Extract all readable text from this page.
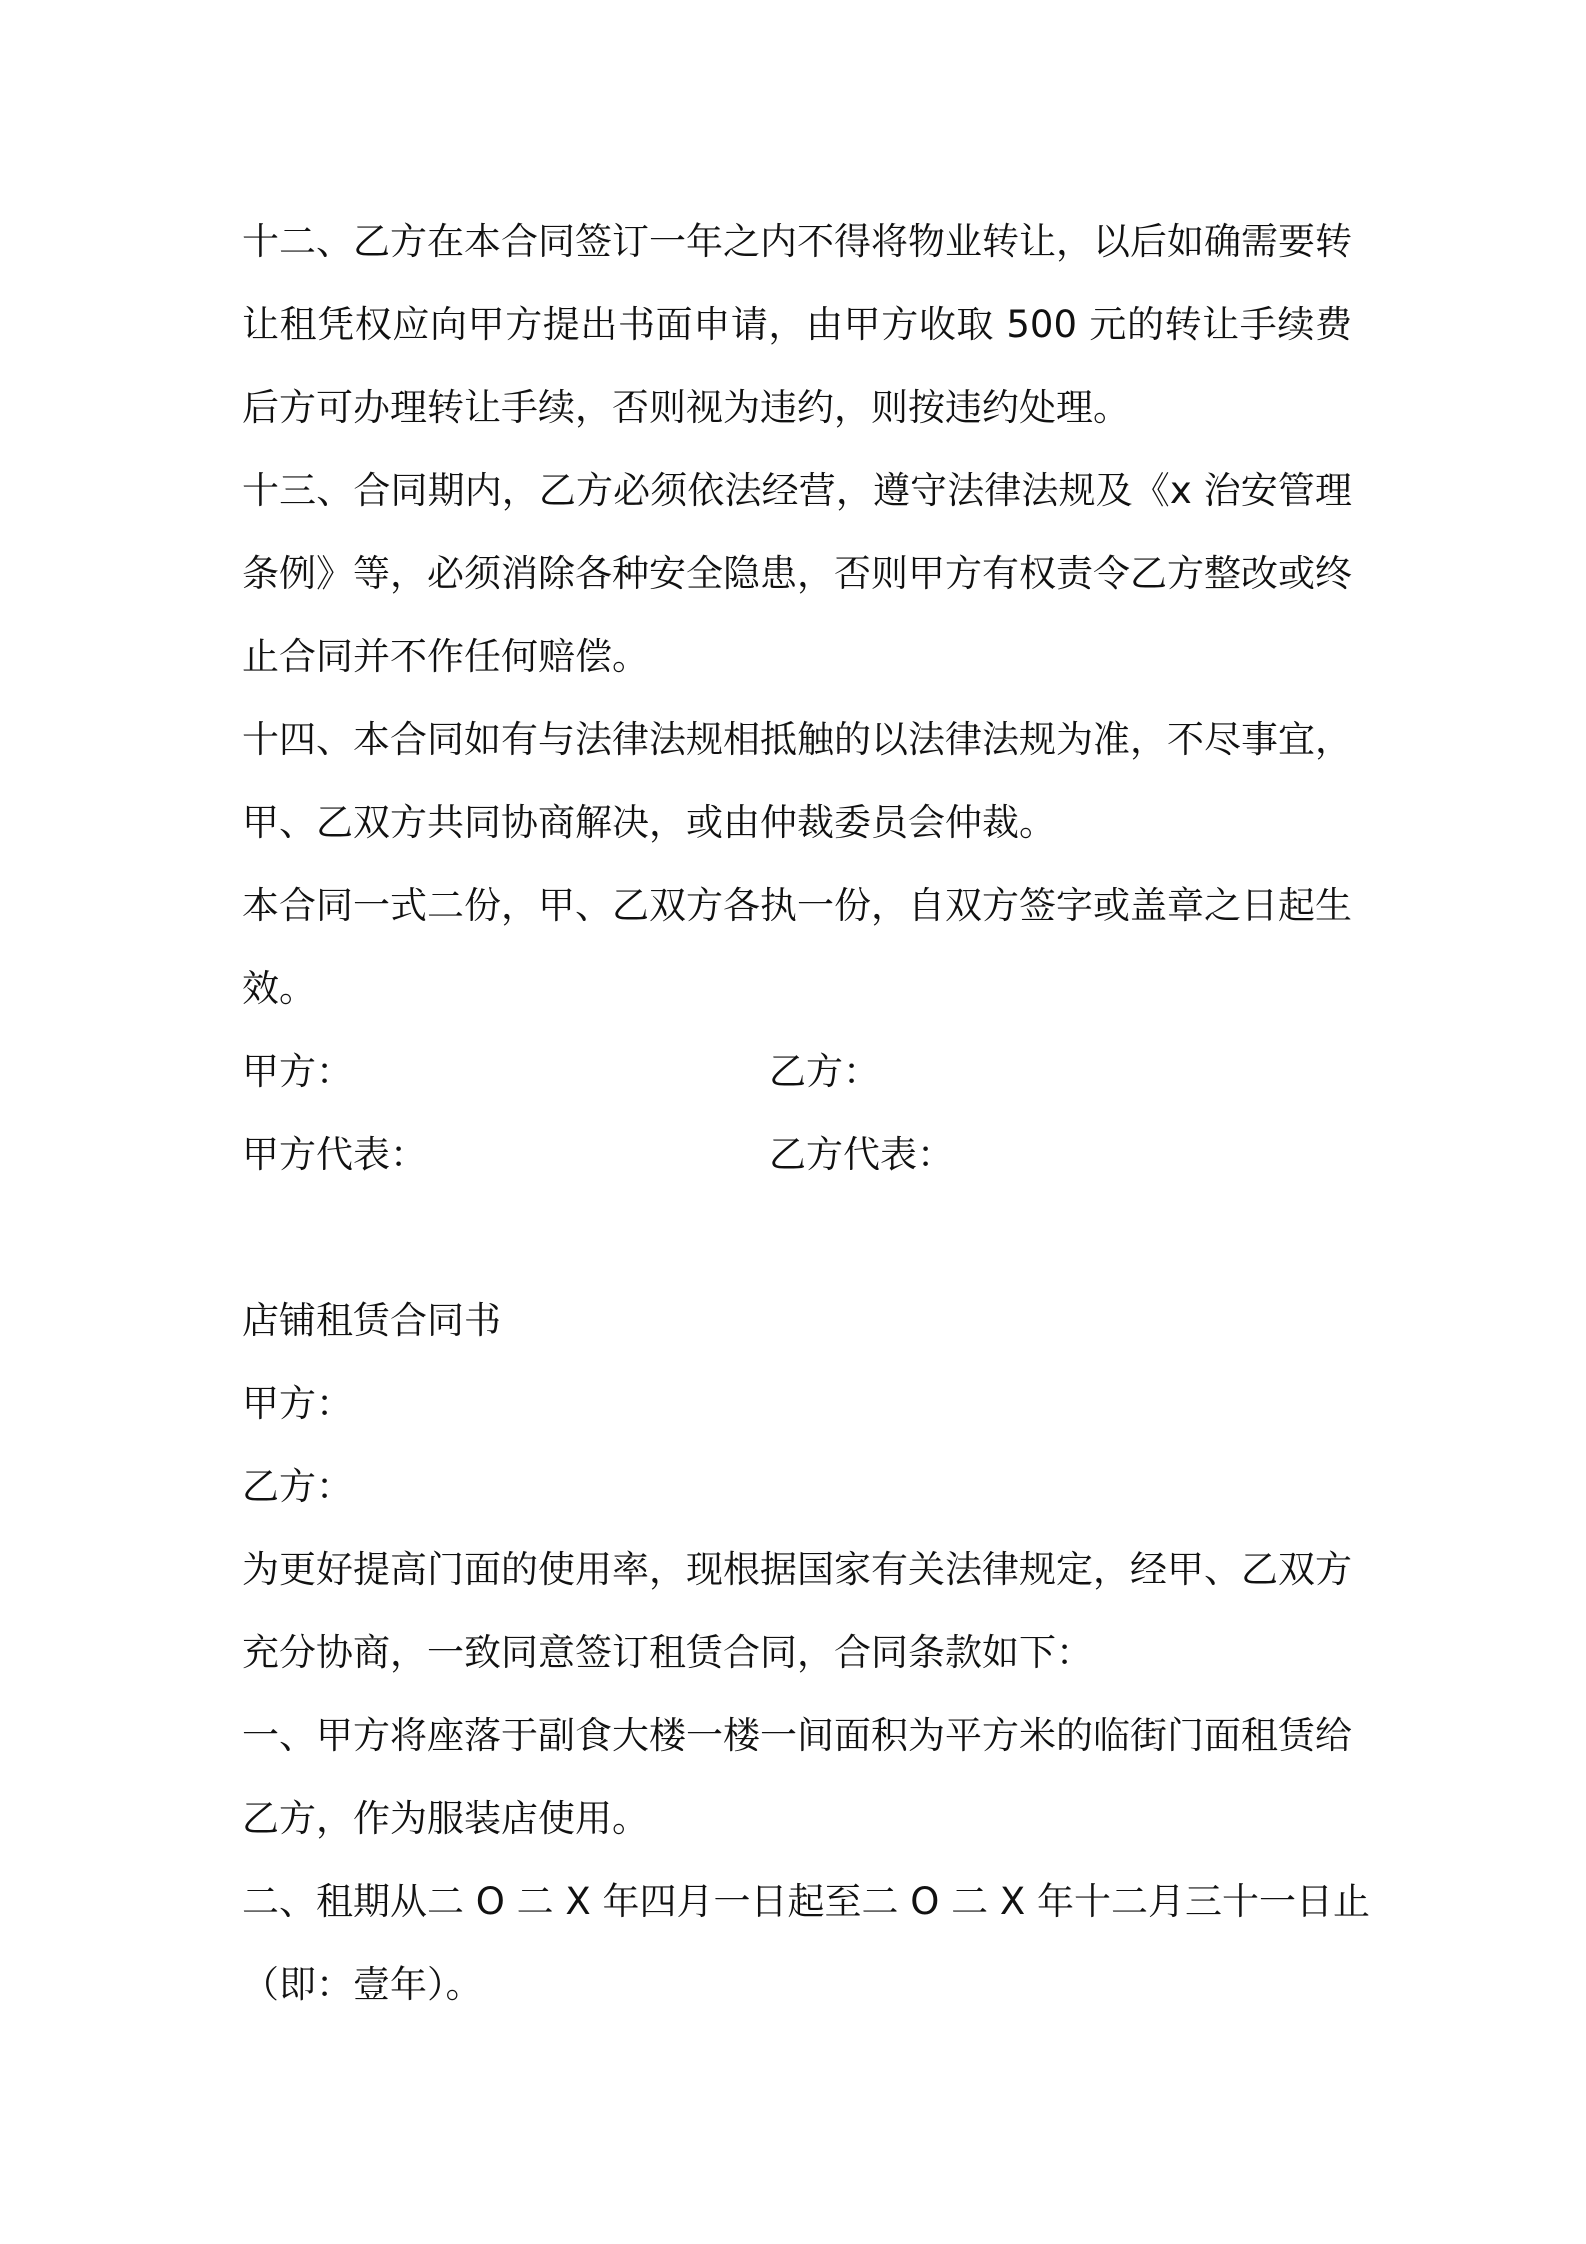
十二、乙方在本合同签订一年之内不得将物业转让，以后如确需要转
让租凭权应向甲方提出书面申请，由甲方收取 500 元的转让手续费
后方可办理转让手续，否则视为违约，则按违约处理。
十三、合同期内，乙方必须依法经营，遵守法律法规及《x 治安管理
条例》等，必须消除各种安全隐患，否则甲方有权责令乙方整改或终
止合同并不作任何赔偿。
十四、本合同如有与法律法规相抵触的以法律法规为准，不尽事宜，
甲、乙双方共同协商解决，或由仲裁委员会仲裁。
本合同一式二份，甲、乙双方各执一份，自双方签字或盖章之日起生
效。
甲方：	乙方：
甲方代表：	乙方代表：
店铺租赁合同书
甲方：
乙方：
为更好提高门面的使用率，现根据国家有关法律规定，经甲、乙双方
充分协商，一致同意签订租赁合同，合同条款如下：
一、甲方将座落于副食大楼一楼一间面积为平方米的临街门面租赁给
乙方，作为服装店使用。
二、租期从二 O 二 X 年四月一日起至二 O 二 X 年十二月三十一日止
（即：壹年）。
